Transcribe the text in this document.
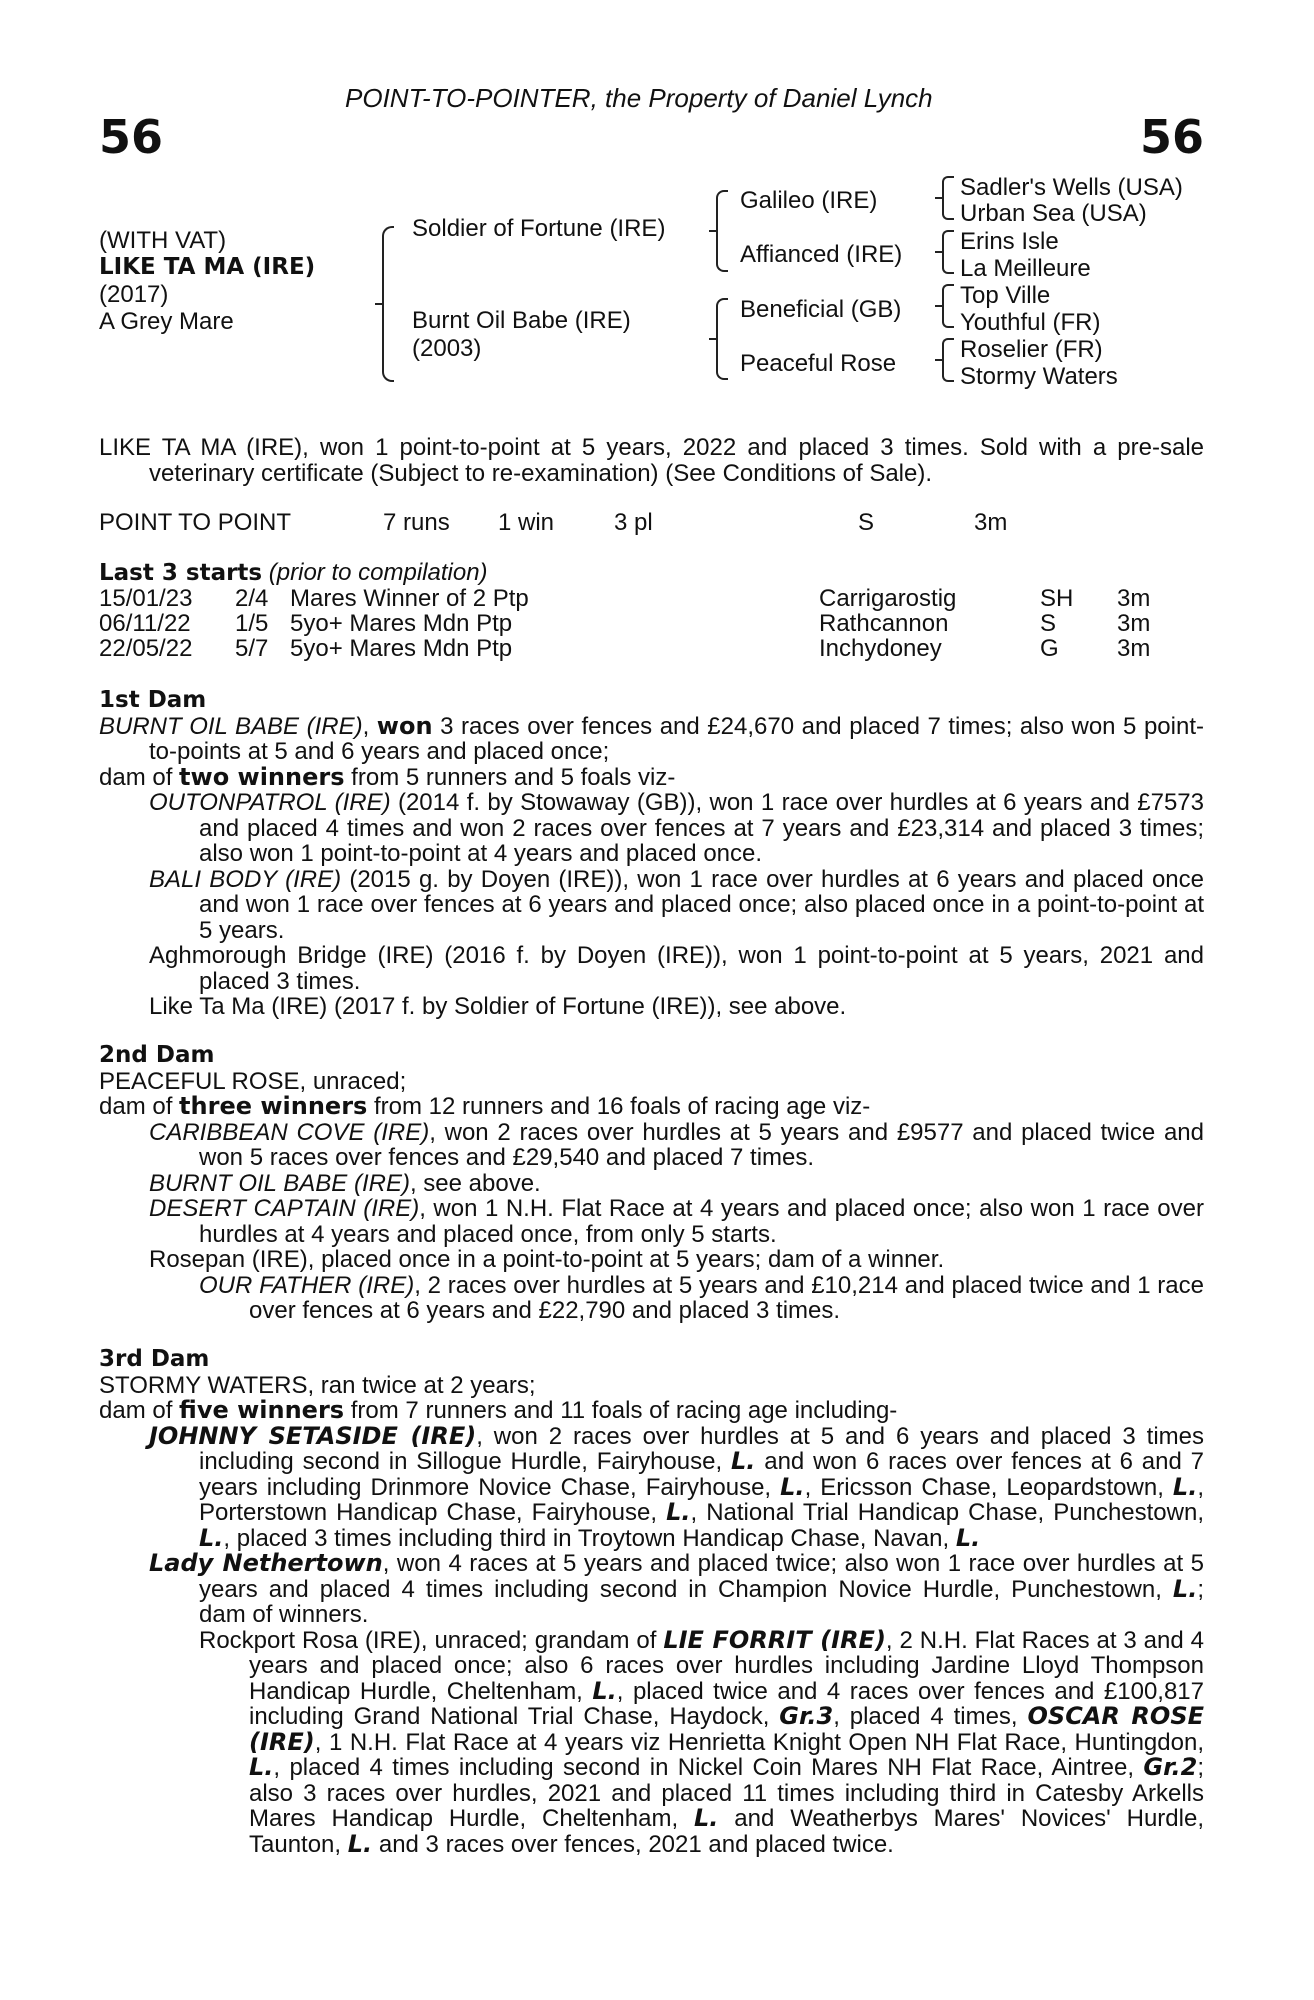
56	56
POINT-TO-POINTER, the Property of Daniel Lynch
(WITH VAT)
LIKE TA MA (IRE)
(2017)
A Grey Mare
Soldier of Fortune (IRE)
Burnt Oil Babe (IRE)
(2003)
Galileo (IRE)
Affianced (IRE)
Beneficial (GB)
Peaceful Rose
Sadler's Wells (USA)
Urban Sea (USA)
Erins Isle
La Meilleure
Top Ville
Youthful (FR)
Roselier (FR)
Stormy Waters

LIKE TA MA (IRE), won 1 point-to-point at 5 years, 2022 and placed 3 times. Sold with a pre-sale veterinary certificate (Subject to re-examination) (See Conditions of Sale).

POINT TO POINT	7 runs 1 win 3 pl	S	3m
Last 3 starts (prior to compilation)
15/01/23 2/4 Mares Winner of 2 Ptp	Carrigarostig	SH 3m
06/11/22 1/5 5yo+ Mares Mdn Ptp	Rathcannon	S	3m
22/05/22 5/7 5yo+ Mares Mdn Ptp	Inchydoney	G 3m
1st Dam

BURNT OIL BABE (IRE), won 3 races over fences and £24,670 and placed 7 times; also won 5 point-to-points at 5 and 6 years and placed once;

dam of two winners from 5 runners and 5 foals viz-

OUTONPATROL (IRE) (2014 f. by Stowaway (GB)), won 1 race over hurdles at 6 years and £7573 and placed 4 times and won 2 races over fences at 7 years and £23,314 and placed 3 times; also won 1 point-to-point at 4 years and placed once.

BALI BODY (IRE) (2015 g. by Doyen (IRE)), won 1 race over hurdles at 6 years and placed once and won 1 race over fences at 6 years and placed once; also placed once in a point-to-point at 5 years.

Aghmorough Bridge (IRE) (2016 f. by Doyen (IRE)), won 1 point-to-point at 5 years, 2021 and placed 3 times.

Like Ta Ma (IRE) (2017 f. by Soldier of Fortune (IRE)), see above.

2nd Dam

PEACEFUL ROSE, unraced;

dam of three winners from 12 runners and 16 foals of racing age viz-

CARIBBEAN COVE (IRE), won 2 races over hurdles at 5 years and £9577 and placed twice and won 5 races over fences and £29,540 and placed 7 times.

BURNT OIL BABE (IRE), see above.

DESERT CAPTAIN (IRE), won 1 N.H. Flat Race at 4 years and placed once; also won 1 race over hurdles at 4 years and placed once, from only 5 starts.

Rosepan (IRE), placed once in a point-to-point at 5 years; dam of a winner.

OUR FATHER (IRE), 2 races over hurdles at 5 years and £10,214 and placed twice and 1 race over fences at 6 years and £22,790 and placed 3 times.

3rd Dam

STORMY WATERS, ran twice at 2 years;

dam of five winners from 7 runners and 11 foals of racing age including-

JOHNNY SETASIDE (IRE), won 2 races over hurdles at 5 and 6 years and placed 3 times including second in Sillogue Hurdle, Fairyhouse, L. and won 6 races over fences at 6 and 7 years including Drinmore Novice Chase, Fairyhouse, L., Ericsson Chase, Leopardstown, L., Porterstown Handicap Chase, Fairyhouse, L., National Trial Handicap Chase, Punchestown, L., placed 3 times including third in Troytown Handicap Chase, Navan, L.

Lady Nethertown, won 4 races at 5 years and placed twice; also won 1 race over hurdles at 5 years and placed 4 times including second in Champion Novice Hurdle, Punchestown, L.; dam of winners.

Rockport Rosa (IRE), unraced; grandam of LIE FORRIT (IRE), 2 N.H. Flat Races at 3 and 4 years and placed once; also 6 races over hurdles including Jardine Lloyd Thompson Handicap Hurdle, Cheltenham, L., placed twice and 4 races over fences and £100,817 including Grand National Trial Chase, Haydock, Gr.3, placed 4 times, OSCAR ROSE (IRE), 1 N.H. Flat Race at 4 years viz Henrietta Knight Open NH Flat Race, Huntingdon, L., placed 4 times including second in Nickel Coin Mares NH Flat Race, Aintree, Gr.2; also 3 races over hurdles, 2021 and placed 11 times including third in Catesby Arkells Mares Handicap Hurdle, Cheltenham, L. and Weatherbys Mares' Novices' Hurdle, Taunton, L. and 3 races over fences, 2021 and placed twice.
